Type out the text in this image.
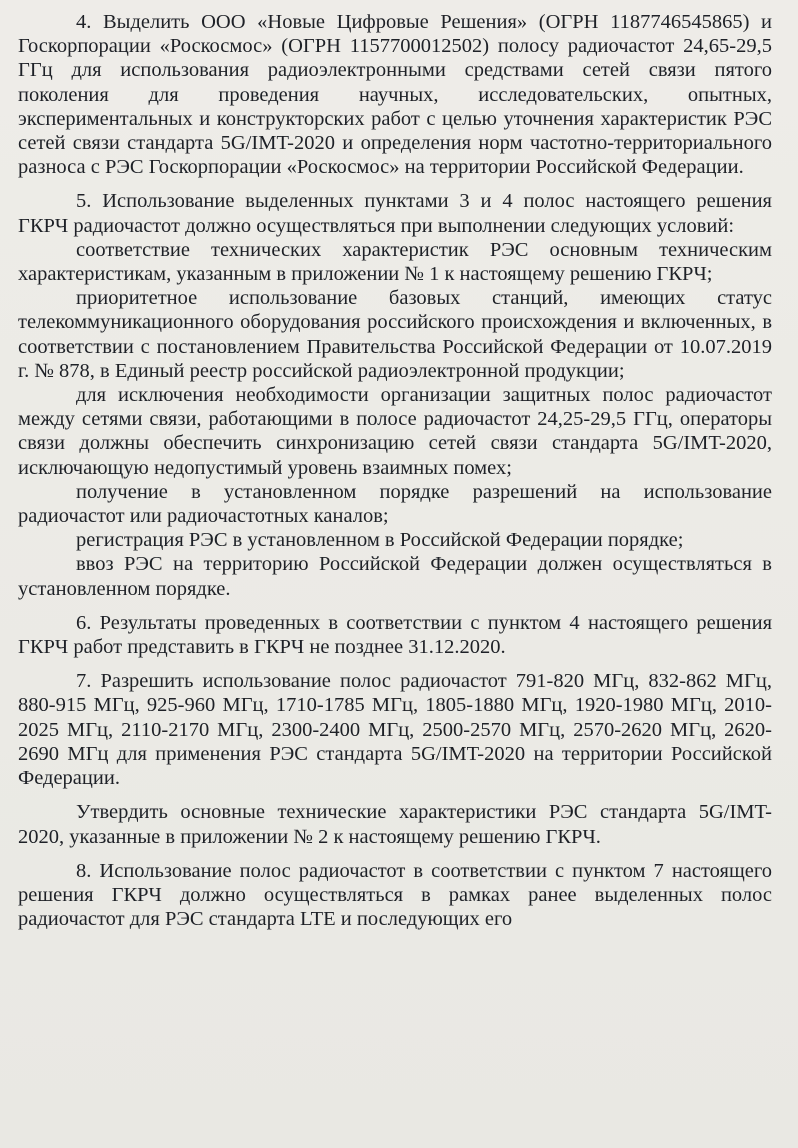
4. Выделить ООО «Новые Цифровые Решения» (ОГРН 1187746545865) и Госкорпорации «Роскосмос» (ОГРН 1157700012502) полосу радиочастот 24,65-29,5 ГГц для использования радиоэлектронными средствами сетей связи пятого поколения для проведения научных, исследовательских, опытных, экспериментальных и конструкторских работ с целью уточнения характеристик РЭС сетей связи стандарта 5G/IMT-2020 и определения норм частотно-территориального разноса с РЭС Госкорпорации «Роскосмос» на территории Российской Федерации.

5. Использование выделенных пунктами 3 и 4 полос настоящего решения ГКРЧ радиочастот должно осуществляться при выполнении следующих условий:

соответствие технических характеристик РЭС основным техническим характеристикам, указанным в приложении № 1 к настоящему решению ГКРЧ;

приоритетное использование базовых станций, имеющих статус телекоммуникационного оборудования российского происхождения и включенных, в соответствии с постановлением Правительства Российской Федерации от 10.07.2019 г. № 878, в Единый реестр российской радиоэлектронной продукции;

для исключения необходимости организации защитных полос радиочастот между сетями связи, работающими в полосе радиочастот 24,25-29,5 ГГц, операторы связи должны обеспечить синхронизацию сетей связи стандарта 5G/IMT-2020, исключающую недопустимый уровень взаимных помех;

получение в установленном порядке разрешений на использование радиочастот или радиочастотных каналов;

регистрация РЭС в установленном в Российской Федерации порядке;

ввоз РЭС на территорию Российской Федерации должен осуществляться в установленном порядке.

6. Результаты проведенных в соответствии с пунктом 4 настоящего решения ГКРЧ работ представить в ГКРЧ не позднее 31.12.2020.

7. Разрешить использование полос радиочастот 791-820 МГц, 832-862 МГц, 880-915 МГц, 925-960 МГц, 1710-1785 МГц, 1805-1880 МГц, 1920-1980 МГц, 2010-2025 МГц, 2110-2170 МГц, 2300-2400 МГц, 2500-2570 МГц, 2570-2620 МГц, 2620-2690 МГц для применения РЭС стандарта 5G/IMT-2020 на территории Российской Федерации.

Утвердить основные технические характеристики РЭС стандарта 5G/IMT-2020, указанные в приложении № 2 к настоящему решению ГКРЧ.

8. Использование полос радиочастот в соответствии с пунктом 7 настоящего решения ГКРЧ должно осуществляться в рамках ранее выделенных полос радиочастот для РЭС стандарта LTE и последующих его
